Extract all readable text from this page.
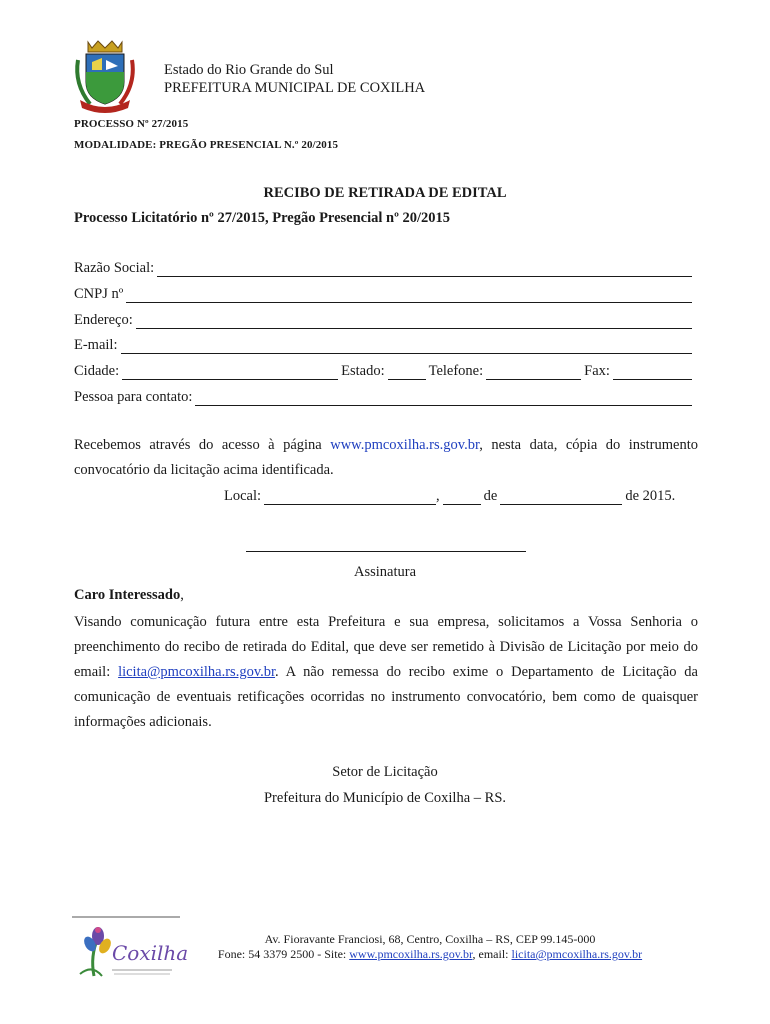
Estado do Rio Grande do Sul
PREFEITURA MUNICIPAL DE COXILHA
PROCESSO Nº 27/2015
MODALIDADE: PREGÃO PRESENCIAL N.º 20/2015
RECIBO DE RETIRADA DE EDITAL
Processo Licitatório nº 27/2015, Pregão Presencial nº 20/2015
Razão Social:
CNPJ nº
Endereço:
E-mail:
Cidade:	Estado:	Telefone:	Fax:
Pessoa para contato:
Recebemos através do acesso à página www.pmcoxilha.rs.gov.br, nesta data, cópia do instrumento convocatório da licitação acima identificada.
Local:	,	de	de 2015.
Assinatura
Caro Interessado,
Visando comunicação futura entre esta Prefeitura e sua empresa, solicitamos a Vossa Senhoria o preenchimento do recibo de retirada do Edital, que deve ser remetido à Divisão de Licitação por meio do email: licita@pmcoxilha.rs.gov.br. A não remessa do recibo exime o Departamento de Licitação da comunicação de eventuais retificações ocorridas no instrumento convocatório, bem como de quaisquer informações adicionais.
Setor de Licitação
Prefeitura do Município de Coxilha – RS.
Coxilha
Av. Fioravante Franciosi, 68, Centro, Coxilha – RS, CEP 99.145-000
Fone: 54 3379 2500 - Site: www.pmcoxilha.rs.gov.br, email: licita@pmcoxilha.rs.gov.br
